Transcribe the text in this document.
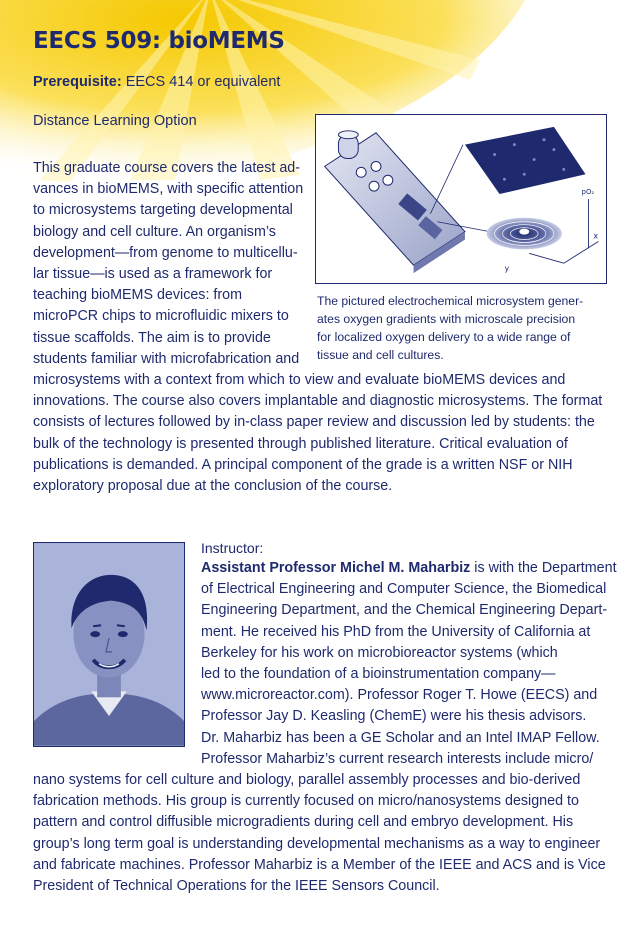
EECS 509: bioMEMS
Prerequisite: EECS 414 or equivalent
Distance Learning Option
This graduate course covers the latest ad-
vances in bioMEMS, with specific attention
to microsystems targeting developmental
biology and cell culture. An organism’s
development—from genome to multicellu-
lar tissue—is used as a framework for
teaching bioMEMS devices: from
microPCR chips to microfluidic mixers to
tissue scaffolds. The aim is to provide
students familiar with microfabrication and
microsystems with a context from which to view and evaluate bioMEMS devices and
innovations. The course also covers implantable and diagnostic microsystems. The format
consists of lectures followed by in-class paper review and discussion led by students: the
bulk of the technology is presented through published literature. Critical evaluation of
publications is demanded. A principal component of the grade is a written NSF or NIH
exploratory proposal due at the conclusion of the course.
y
x
pO₂
The pictured electrochemical microsystem gener-
ates oxygen gradients with microscale precision
for localized oxygen delivery to a wide range of
tissue and cell cultures.
Instructor:
Assistant Professor Michel M. Maharbiz is with the Department
of Electrical Engineering and Computer Science, the Biomedical
Engineering Department, and the Chemical Engineering Depart-
ment. He received his PhD from the University of California at
Berkeley for his work on microbioreactor systems (which
led to the foundation of a bioinstrumentation company—
www.microreactor.com). Professor Roger T. Howe (EECS) and
Professor Jay D. Keasling (ChemE) were his thesis advisors.
Dr. Maharbiz has been a GE Scholar and an Intel IMAP Fellow.
Professor Maharbiz’s current research interests include micro/
nano systems for cell culture and biology, parallel assembly processes and bio-derived
fabrication methods. His group is currently focused on micro/nanosystems designed to
pattern and control diffusible microgradients during cell and embryo development. His
group’s long term goal is understanding developmental mechanisms as a way to engineer
and fabricate machines. Professor Maharbiz is a Member of the IEEE and ACS and is Vice
President of Technical Operations for the IEEE Sensors Council.
